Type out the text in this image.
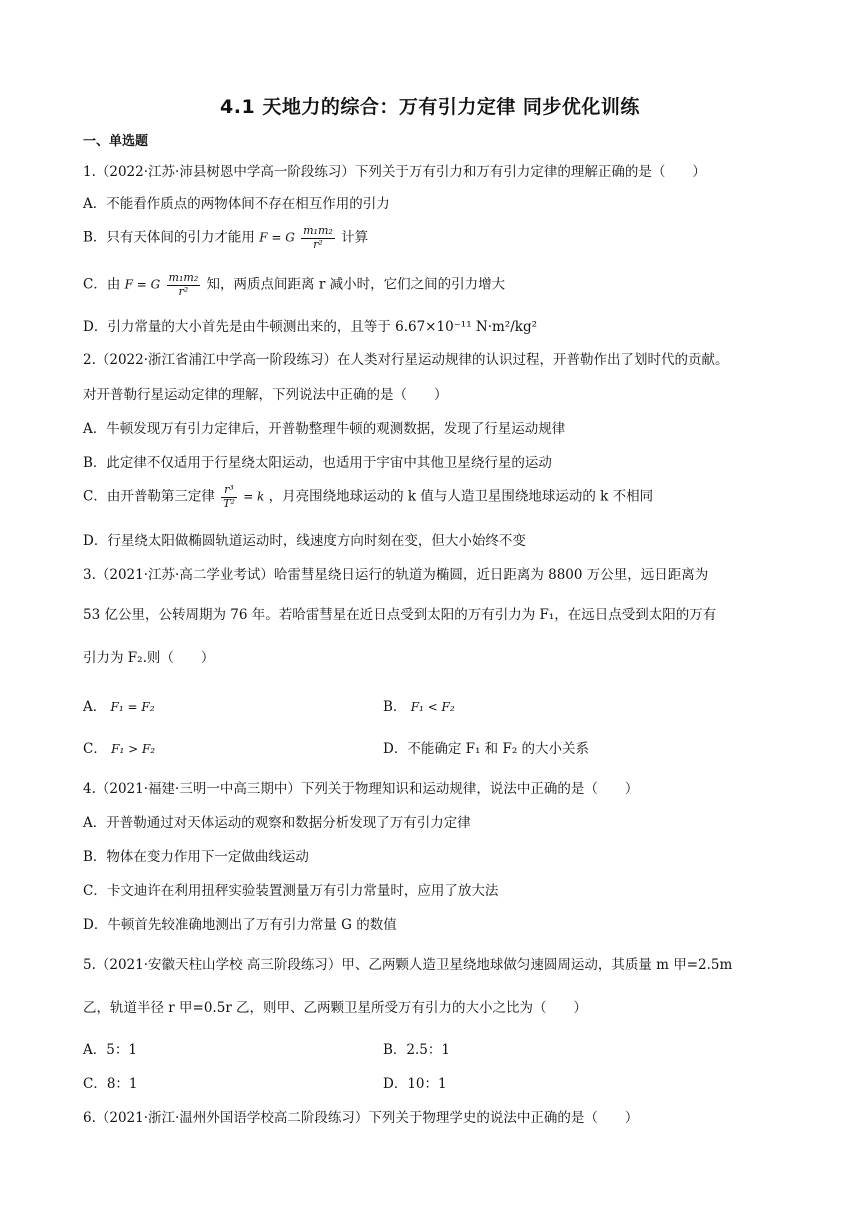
4.1 天地力的综合：万有引力定律 同步优化训练
一、单选题
1.（2022·江苏·沛县树恩中学高一阶段练习）下列关于万有引力和万有引力定律的理解正确的是（　　）
A．不能看作质点的两物体间不存在相互作用的引力
B．只有天体间的引力才能用 F = G $\frac{\text{m₁m₂}}{\text{r²}}$ 计算
C．由 F = G $\frac{\text{m₁m₂}}{\text{r²}}$ 知，两质点间距离 r 减小时，它们之间的引力增大
D．引力常量的大小首先是由牛顿测出来的，且等于 6.67×10⁻¹¹ N·m²/kg²
2.（2022·浙江省浦江中学高一阶段练习）在人类对行星运动规律的认识过程，开普勒作出了划时代的贡献。
对开普勒行星运动定律的理解，下列说法中正确的是（　　）
A．牛顿发现万有引力定律后，开普勒整理牛顿的观测数据，发现了行星运动规律
B．此定律不仅适用于行星绕太阳运动，也适用于宇宙中其他卫星绕行星的运动
C．由开普勒第三定律 $\frac{\text{r³}}{\text{T²}} = k$ ，月亮围绕地球运动的 k 值与人造卫星围绕地球运动的 k 不相同
D．行星绕太阳做椭圆轨道运动时，线速度方向时刻在变，但大小始终不变
3.（2021·江苏·高二学业考试）哈雷彗星绕日运行的轨道为椭圆，近日距离为 8800 万公里，远日距离为
53 亿公里，公转周期为 76 年。若哈雷彗星在近日点受到太阳的万有引力为 F₁，在远日点受到太阳的万有
引力为 F₂.则（　　）
A． F₁ = F₂	B． F₁ < F₂
C． F₁ > F₂	D．不能确定 F₁ 和 F₂ 的大小关系
4.（2021·福建·三明一中高三期中）下列关于物理知识和运动规律，说法中正确的是（　　）
A．开普勒通过对天体运动的观察和数据分析发现了万有引力定律
B．物体在变力作用下一定做曲线运动
C．卡文迪许在利用扭秤实验装置测量万有引力常量时，应用了放大法
D．牛顿首先较准确地测出了万有引力常量 G 的数值
5.（2021·安徽天柱山学校 高三阶段练习）甲、乙两颗人造卫星绕地球做匀速圆周运动，其质量 m 甲=2.5m
乙，轨道半径 r 甲=0.5r 乙，则甲、乙两颗卫星所受万有引力的大小之比为（　　）
A．5：1	B．2.5：1
C．8：1	D．10：1
6.（2021·浙江·温州外国语学校高二阶段练习）下列关于物理学史的说法中正确的是（　　）
